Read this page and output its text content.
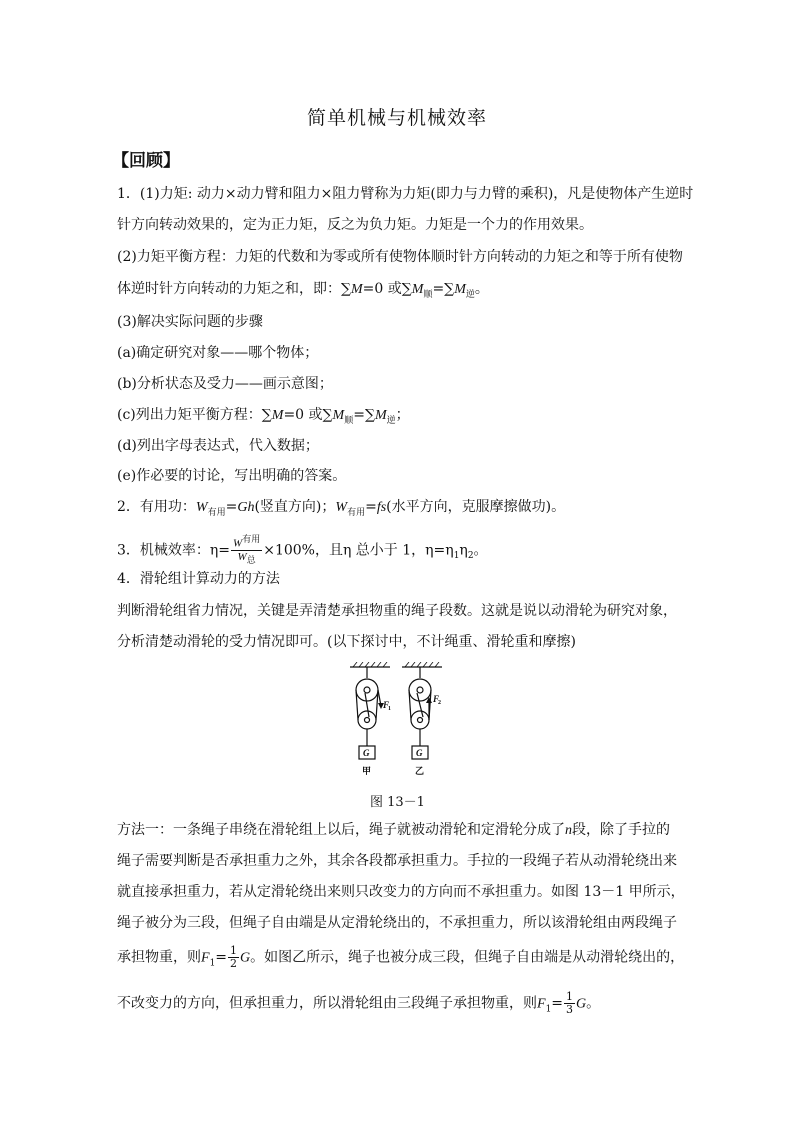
简单机械与机械效率
【回顾】
1．(1)力矩: 动力×动力臂和阻力×阻力臂称为力矩(即力与力臂的乘积)，凡是使物体产生逆时
针方向转动效果的，定为正力矩，反之为负力矩。力矩是一个力的作用效果。
(2)力矩平衡方程：力矩的代数和为零或所有使物体顺时针方向转动的力矩之和等于所有使物
体逆时针方向转动的力矩之和，即：∑M=0 或$\sum M_顺=\sum M_逆$。
(3)解决实际问题的步骤
(a)确定研究对象——哪个物体；
(b)分析状态及受力——画示意图；
(c)列出力矩平衡方程：∑M=0 或$\sum M_顺=\sum M_逆$；
(d)列出字母表达式，代入数据；
(e)作必要的讨论，写出明确的答案。
2．有用功：$W_{有用}=Gh$(竖直方向)；$W_{有用}=fs$(水平方向，克服摩擦做功)。
3．机械效率：$\eta= \frac{W^{有用}}{W_总} \times 100\%$，且η 总小于 1，$\eta=\eta_1\eta_2$。
4．滑轮组计算动力的方法
判断滑轮组省力情况，关键是弄清楚承担物重的绳子段数。这就是说以动滑轮为研究对象，
分析清楚动滑轮的受力情况即可。(以下探讨中，不计绳重、滑轮重和摩擦)
F
1
F
2
G	G
甲	乙
图 13－1
方法一：一条绳子串绕在滑轮组上以后，绳子就被动滑轮和定滑轮分成了n段，除了手拉的
绳子需要判断是否承担重力之外，其余各段都承担重力。手拉的一段绳子若从动滑轮绕出来
就直接承担重力，若从定滑轮绕出来则只改变力的方向而不承担重力。如图 13－1 甲所示，
绳子被分为三段，但绳子自由端是从定滑轮绕出的，不承担重力，所以该滑轮组由两段绳子
承担物重，则$F_1= \frac{1}{2}$ G。如图乙所示，绳子也被分成三段，但绳子自由端是从动滑轮绕出的，
不改变力的方向，但承担重力，所以滑轮组由三段绳子承担物重，则$F_1= \frac{1}{3}$ G。
